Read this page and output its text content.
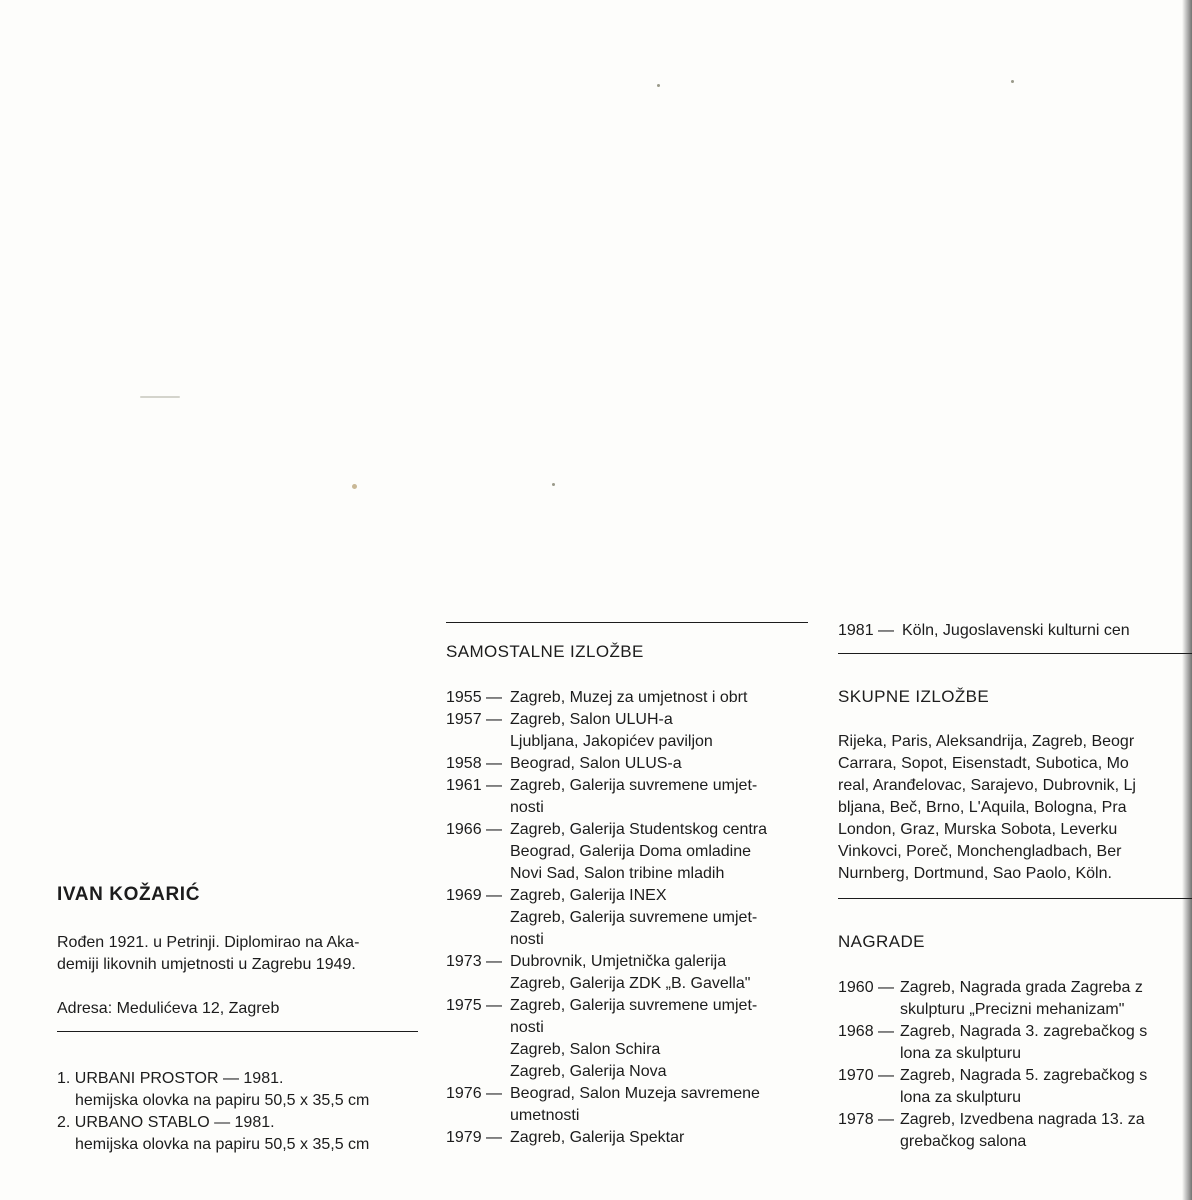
IVAN KOŽARIĆ
Rođen 1921. u Petrinji. Diplomirao na Aka-
demiji likovnih umjetnosti u Zagrebu 1949.
Adresa: Medulićeva 12, Zagreb
1. URBANI PROSTOR — 1981.
hemijska olovka na papiru 50,5 x 35,5 cm
2. URBANO STABLO — 1981.
hemijska olovka na papiru 50,5 x 35,5 cm
SAMOSTALNE IZLOŽBE
1955 — Zagreb, Muzej za umjetnost i obrt
1957 — Zagreb, Salon ULUH-a
Ljubljana, Jakopićev paviljon
1958 — Beograd, Salon ULUS-a
1961 — Zagreb, Galerija suvremene umjet-
nosti
1966 — Zagreb, Galerija Studentskog centra
Beograd, Galerija Doma omladine
Novi Sad, Salon tribine mladih
1969 — Zagreb, Galerija INEX
Zagreb, Galerija suvremene umjet-
nosti
1973 — Dubrovnik, Umjetnička galerija
Zagreb, Galerija ZDK „B. Gavella"
1975 — Zagreb, Galerija suvremene umjet-
nosti
Zagreb, Salon Schira
Zagreb, Galerija Nova
1976 — Beograd, Salon Muzeja savremene
umetnosti
1979 — Zagreb, Galerija Spektar
1981 — Köln, Jugoslavenski kulturni cen
SKUPNE IZLOŽBE
Rijeka, Paris, Aleksandrija, Zagreb, Beogr
Carrara, Sopot, Eisenstadt, Subotica, Mo
real, Aranđelovac, Sarajevo, Dubrovnik, Lj
bljana, Beč, Brno, L'Aquila, Bologna, Pra
London, Graz, Murska Sobota, Leverku
Vinkovci, Poreč, Monchengladbach, Ber
Nurnberg, Dortmund, Sao Paolo, Köln.
NAGRADE
1960 — Zagreb, Nagrada grada Zagreba z
skulpturu „Precizni mehanizam"
1968 — Zagreb, Nagrada 3. zagrebačkog s
lona za skulpturu
1970 — Zagreb, Nagrada 5. zagrebačkog s
lona za skulpturu
1978 — Zagreb, Izvedbena nagrada 13. za
grebačkog salona
